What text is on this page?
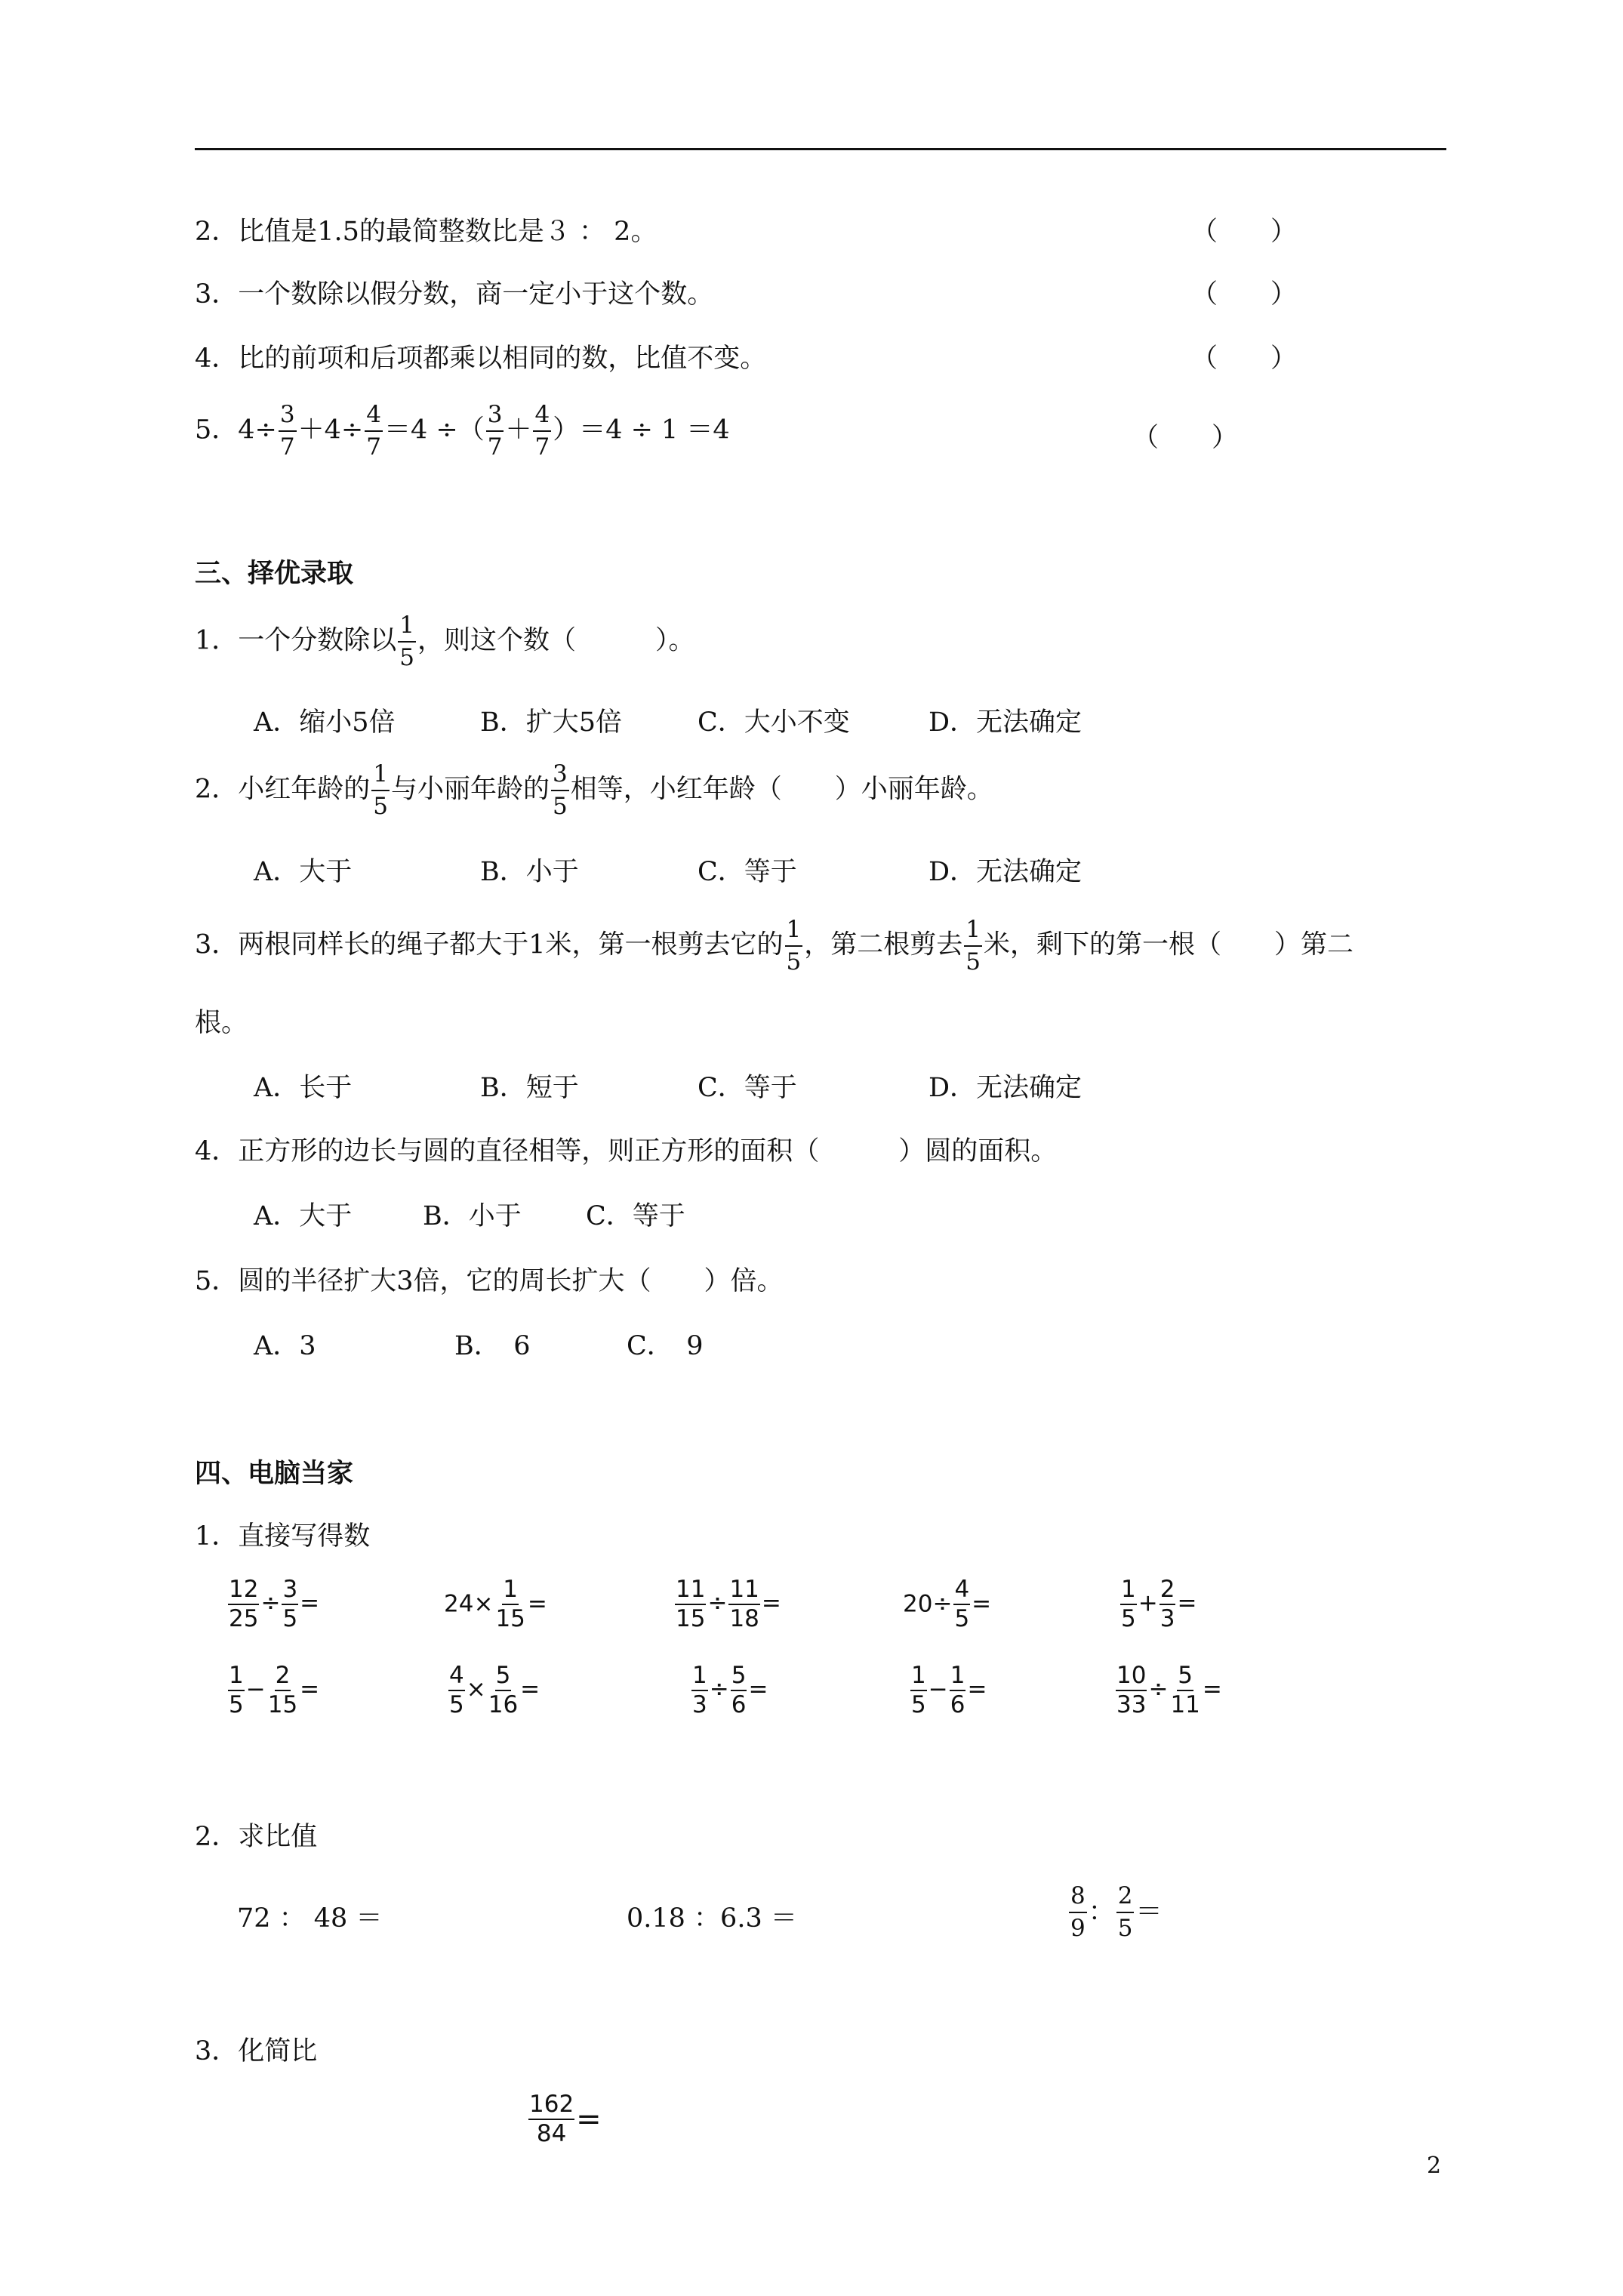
2．比值是1.5的最简整数比是３ ： 2。	（　　）
3．一个数除以假分数，商一定小于这个数。	（　　）
4．比的前项和后项都乘以相同的数，比值不变。	（　　）
5．$4\div \frac{3}{7} +4\div \frac{4}{7} =4$ ÷（ $\frac{3}{7} + \frac{4}{7} )=4 \div 1 =4$	（　　）
三、择优录取
1．一个分数除以 $\frac{1}{5}$ ，则这个数（　　　）。
A．缩小5倍	B．扩大5倍	C．大小不变	D．无法确定
2．小红年龄的 $\frac{1}{5}$ 与小丽年龄的 $\frac{3}{5}$ 相等，小红年龄（　　）小丽年龄。
A．大于	B．小于	C．等于	D．无法确定
3．两根同样长的绳子都大于1米，第一根剪去它的 $\frac{1}{5}$ ，第二根剪去 $\frac{1}{5}$ 米，剩下的第一根（　　）第二
根。
A．长于	B．短于	C．等于	D．无法确定
4．正方形的边长与圆的直径相等，则正方形的面积（　　　）圆的面积。
A．大于	B．小于 C．等于
5．圆的半径扩大3倍，它的周长扩大（　　）倍。
A．3	B．　6	C．　9
四、电脑当家
1．直接写得数
$\frac{12}{25} \div \frac{3}{5}$ =	$24\times \frac{1}{15}$ =	$\frac{11}{15} \div \frac{11}{18}$ =	$20\div \frac{4}{5}$ =	$\frac{1}{5} + \frac{2}{3}$ =
$\frac{1}{5} - \frac{2}{15}$ =	$\frac{4}{5} \times \frac{5}{16}$ =	$\frac{1}{3} \div \frac{5}{6}$ =	$\frac{1}{5} - \frac{1}{6}$ =	$\frac{10}{33} \div \frac{5}{11}$ =
2．求比值
72 ： 48 ＝	0.18 ：6.3 ＝	$\frac{8}{9}$ ： $\frac{2}{5}$ ＝
3．化简比
$\frac{162}{84}$ =
2
